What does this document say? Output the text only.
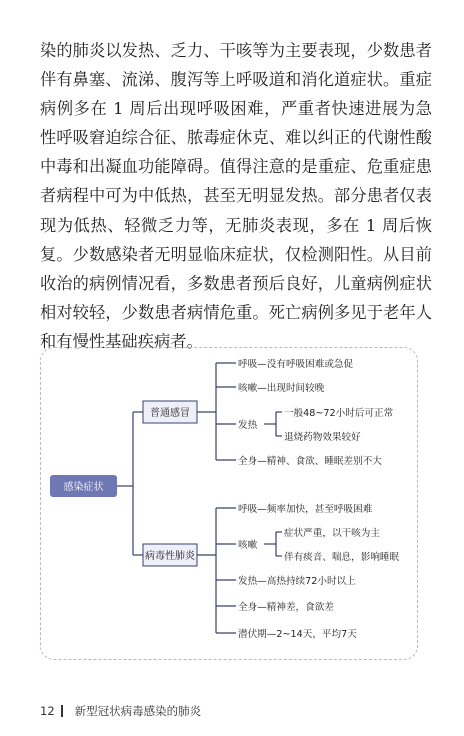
染的肺炎以发热、乏力、干咳等为主要表现，少数患者伴有鼻塞、流涕、腹泻等上呼吸道和消化道症状。重症病例多在 1 周后出现呼吸困难，严重者快速进展为急性呼吸窘迫综合征、脓毒症休克、难以纠正的代谢性酸中毒和出凝血功能障碍。值得注意的是重症、危重症患者病程中可为中低热，甚至无明显发热。部分患者仅表现为低热、轻微乏力等，无肺炎表现，多在 1 周后恢复。少数感染者无明显临床症状，仅检测阳性。从目前收治的病例情况看，多数患者预后良好，儿童病例症状相对较轻，少数患者病情危重。死亡病例多见于老年人和有慢性基础疾病者。

感染症状
普通感冒
病毒性肺炎
呼吸—没有呼吸困难或急促
咳嗽—出现时间较晚
发热
一般48~72小时后可正常
退烧药物效果较好
全身—精神、食欲、睡眠差别不大
呼吸—频率加快，甚至呼吸困难
咳嗽
症状严重，以干咳为主
伴有痰音、喘息，影响睡眠
发热—高热持续72小时以上
全身—精神差，食欲差
潜伏期—2~14天，平均7天
12 新型冠状病毒感染的肺炎
